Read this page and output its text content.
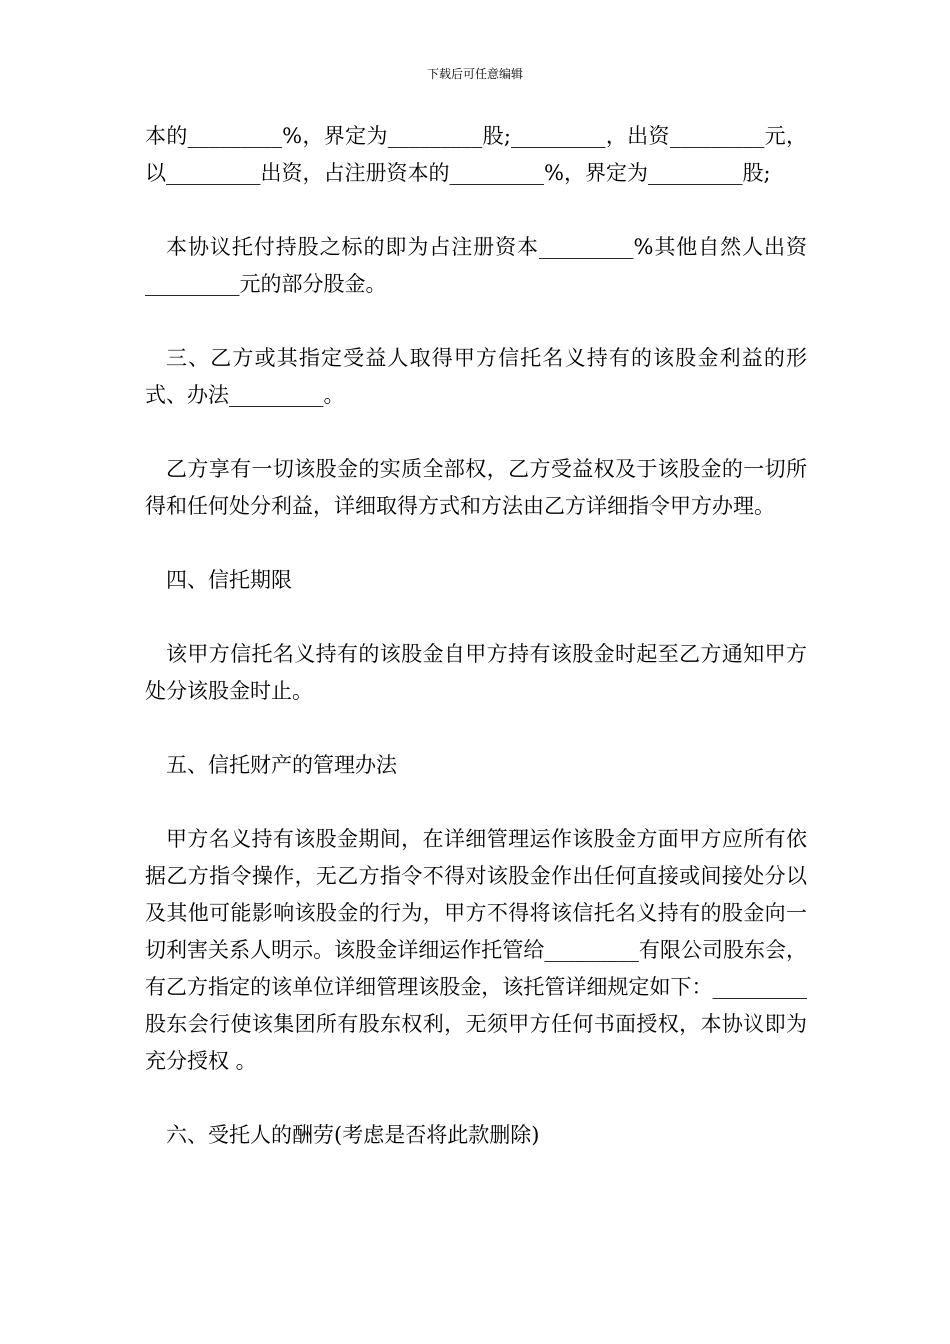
下载后可任意编辑

本的_________%，界定为_________股;_________，出资_________元，以_________出资，占注册资本的_________%，界定为_________股;

本协议托付持股之标的即为占注册资本_________%其他自然人出资_________元的部分股金。

三、乙方或其指定受益人取得甲方信托名义持有的该股金利益的形式、办法_________。

乙方享有一切该股金的实质全部权，乙方受益权及于该股金的一切所得和任何处分利益，详细取得方式和方法由乙方详细指令甲方办理。

四、信托期限

该甲方信托名义持有的该股金自甲方持有该股金时起至乙方通知甲方处分该股金时止。

五、信托财产的管理办法

甲方名义持有该股金期间，在详细管理运作该股金方面甲方应所有依据乙方指令操作，无乙方指令不得对该股金作出任何直接或间接处分以及其他可能影响该股金的行为，甲方不得将该信托名义持有的股金向一切利害关系人明示。该股金详细运作托管给_________有限公司股东会，有乙方指定的该单位详细管理该股金，该托管详细规定如下：_________股东会行使该集团所有股东权利，无须甲方任何书面授权，本协议即为充分授权 。

六、受托人的酬劳(考虑是否将此款删除)
